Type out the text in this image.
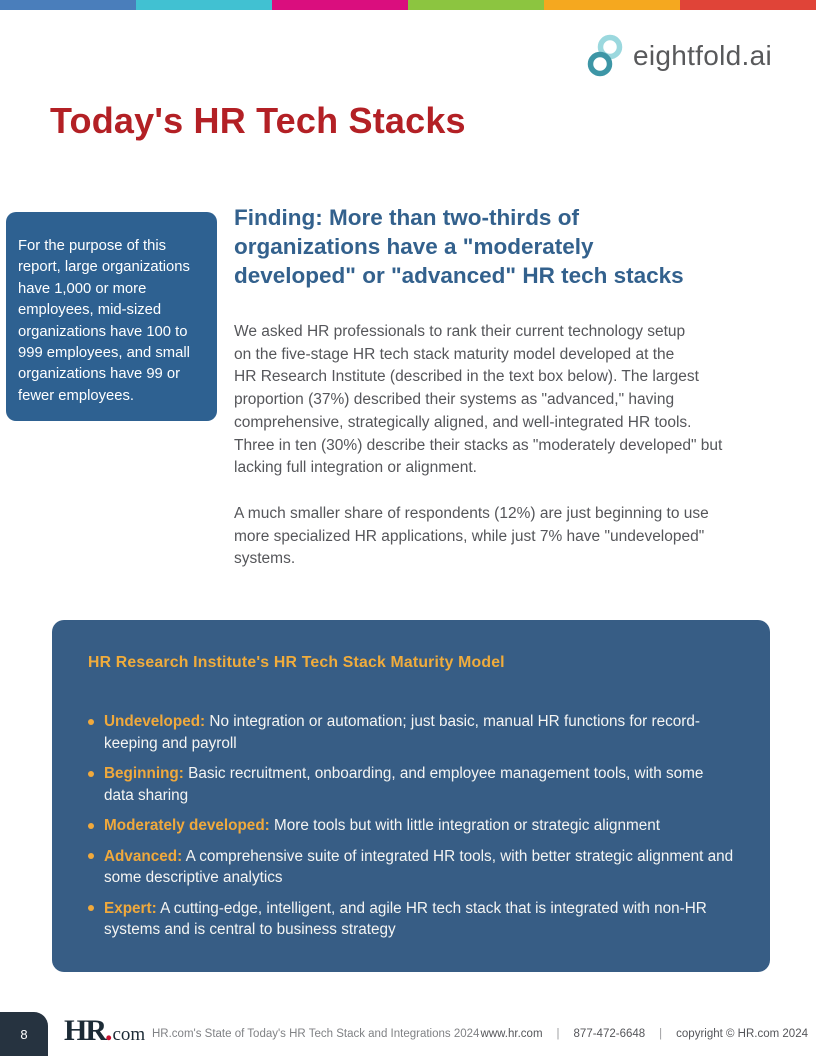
eightfold.ai
Today's HR Tech Stacks
For the purpose of this
report, large organizations
have 1,000 or more
employees, mid-sized
organizations have 100 to
999 employees, and small
organizations have 99 or
fewer employees.
Finding: More than two-thirds of
organizations have a "moderately
developed" or "advanced" HR tech stacks

We asked HR professionals to rank their current technology setup
on the five-stage HR tech stack maturity model developed at the
HR Research Institute (described in the text box below). The largest
proportion (37%) described their systems as "advanced," having
comprehensive, strategically aligned, and well-integrated HR tools.
Three in ten (30%) describe their stacks as "moderately developed" but
lacking full integration or alignment.

A much smaller share of respondents (12%) are just beginning to use
more specialized HR applications, while just 7% have "undeveloped"
systems.

HR Research Institute's HR Tech Stack Maturity Model
Undeveloped: No integration or automation; just basic, manual HR functions for record-keeping and payroll
Beginning: Basic recruitment, onboarding, and employee management tools, with some data sharing
Moderately developed: More tools but with little integration or strategic alignment
Advanced: A comprehensive suite of integrated HR tools, with better strategic alignment and some descriptive analytics
Expert: A cutting-edge, intelligent, and agile HR tech stack that is integrated with non-HR systems and is central to business strategy
8 HR.com HR.com's State of Today's HR Tech Stack and Integrations 2024 www.hr.com | 877-472-6648 | copyright © HR.com 2024
